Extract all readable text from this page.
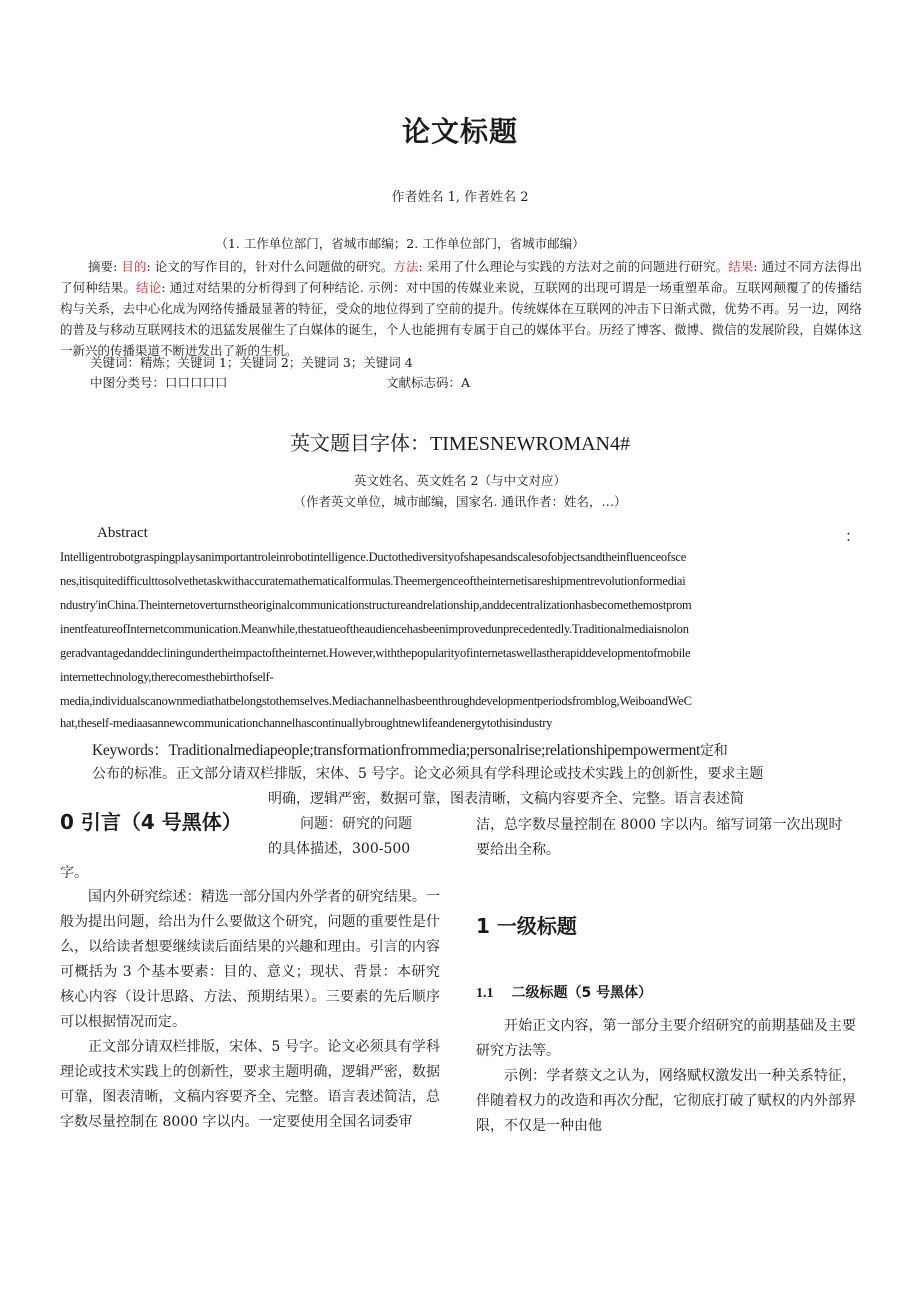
论文标题
作者姓名 1, 作者姓名 2
（1. 工作单位部门，省城市邮编；2. 工作单位部门，省城市邮编）
摘要: 目的: 论文的写作目的，针对什么问题做的研究。方法: 采用了什么理论与实践的方法对之前的问题进行研究。结果: 通过不同方法得出了何种结果。结论: 通过对结果的分析得到了何种结论. 示例：对中国的传媒业来说，互联网的出现可谓是一场重塑革命。互联网颠覆了的传播结构与关系，去中心化成为网络传播最显著的特征，受众的地位得到了空前的提升。传统媒体在互联网的冲击下日渐式微，优势不再。另一边，网络的普及与移动互联网技术的迅猛发展催生了白媒体的诞生，个人也能拥有专属于自己的媒体平台。历经了博客、微博、微信的发展阶段，自媒体这一新兴的传播渠道不断迸发出了新的生机。
关键词：精炼；关键词 1；关键词 2；关键词 3；关键词 4
中图分类号：口口口口口	文献标志码：A
英文题目字体：TIMESNEWROMAN4#
英文姓名、英文姓名 2（与中文对应）
（作者英文单位，城市邮编，国家名. 通讯作者：姓名，…）
Abstract	：
Intelligentrobotgraspingplaysanimportantroleinrobotintelligence.Ductothediversityofshapesandscalesofobjectsandtheinfluenceofsce
nes,itisquitedifficulttosolvethetaskwithaccuratemathematicalformulas.Theemergenceoftheinternetisareshipmentrevolutionformediai
ndustry'inChina.Theinternetoverturnstheoriginalcommunicationstructureandrelationship,anddecentralizationhasbecomethemostprom
inentfeatureofInternetcommunication.Meanwhile,thestatueoftheaudiencehasbeenimprovedunprecedentedly.Traditionalmediaisnolon
geradvantagedanddecliningundertheimpactoftheinternet.However,withthepopularityofinternetaswellastherapiddevelopmentofmobile
internettechnology,therecomesthebirthofself-
media,individualscanownmediathatbelongstothemselves.Mediachannelhasbeenthroughdevelopmentperiodsfromblog,WeiboandWeC
hat,theself-mediaasannewcommunicationchannelhascontinuallybroughtnewlifeandenergytothisindustry
Keywords：Traditionalmediapeople;transformationfrommedia;personalrise;relationshipempowerment定和
公布的标准。正文部分请双栏排版，宋体、5 号字。论文必须具有学科理论或技术实践上的创新性，要求主题
明确，逻辑严密，数据可靠，图表清晰，文稿内容要齐全、完整。语言表述简
0 引言（4 号黑体）	问题：研究的问题
的具体描述，300-500
字。

国内外研究综述：精选一部分国内外学者的研究结果。一般为提出问题，给出为什么要做这个研究，问题的重要性是什么，以给读者想要继续读后面结果的兴趣和理由。引言的内容可概括为 3 个基本要素：目的、意义；现状、背景：本研究核心内容（设计思路、方法、预期结果）。三要素的先后顺序可以根据情况而定。

正文部分请双栏排版，宋体、5 号字。论文必须具有学科理论或技术实践上的创新性，要求主题明确，逻辑严密，数据可靠，图表清晰，文稿内容要齐全、完整。语言表述简洁，总字数尽量控制在 8000 字以内。一定要使用全国名词委审

洁，总字数尽量控制在 8000 字以内。缩写词第一次出现时要给出全称。
1 一级标题
1.1 二级标题（5 号黑体）

开始正文内容，第一部分主要介绍研究的前期基础及主要研究方法等。

示例：学者蔡文之认为，网络赋权激发出一种关系特征，伴随着权力的改造和再次分配，它彻底打破了赋权的内外部界限，不仅是一种由他
